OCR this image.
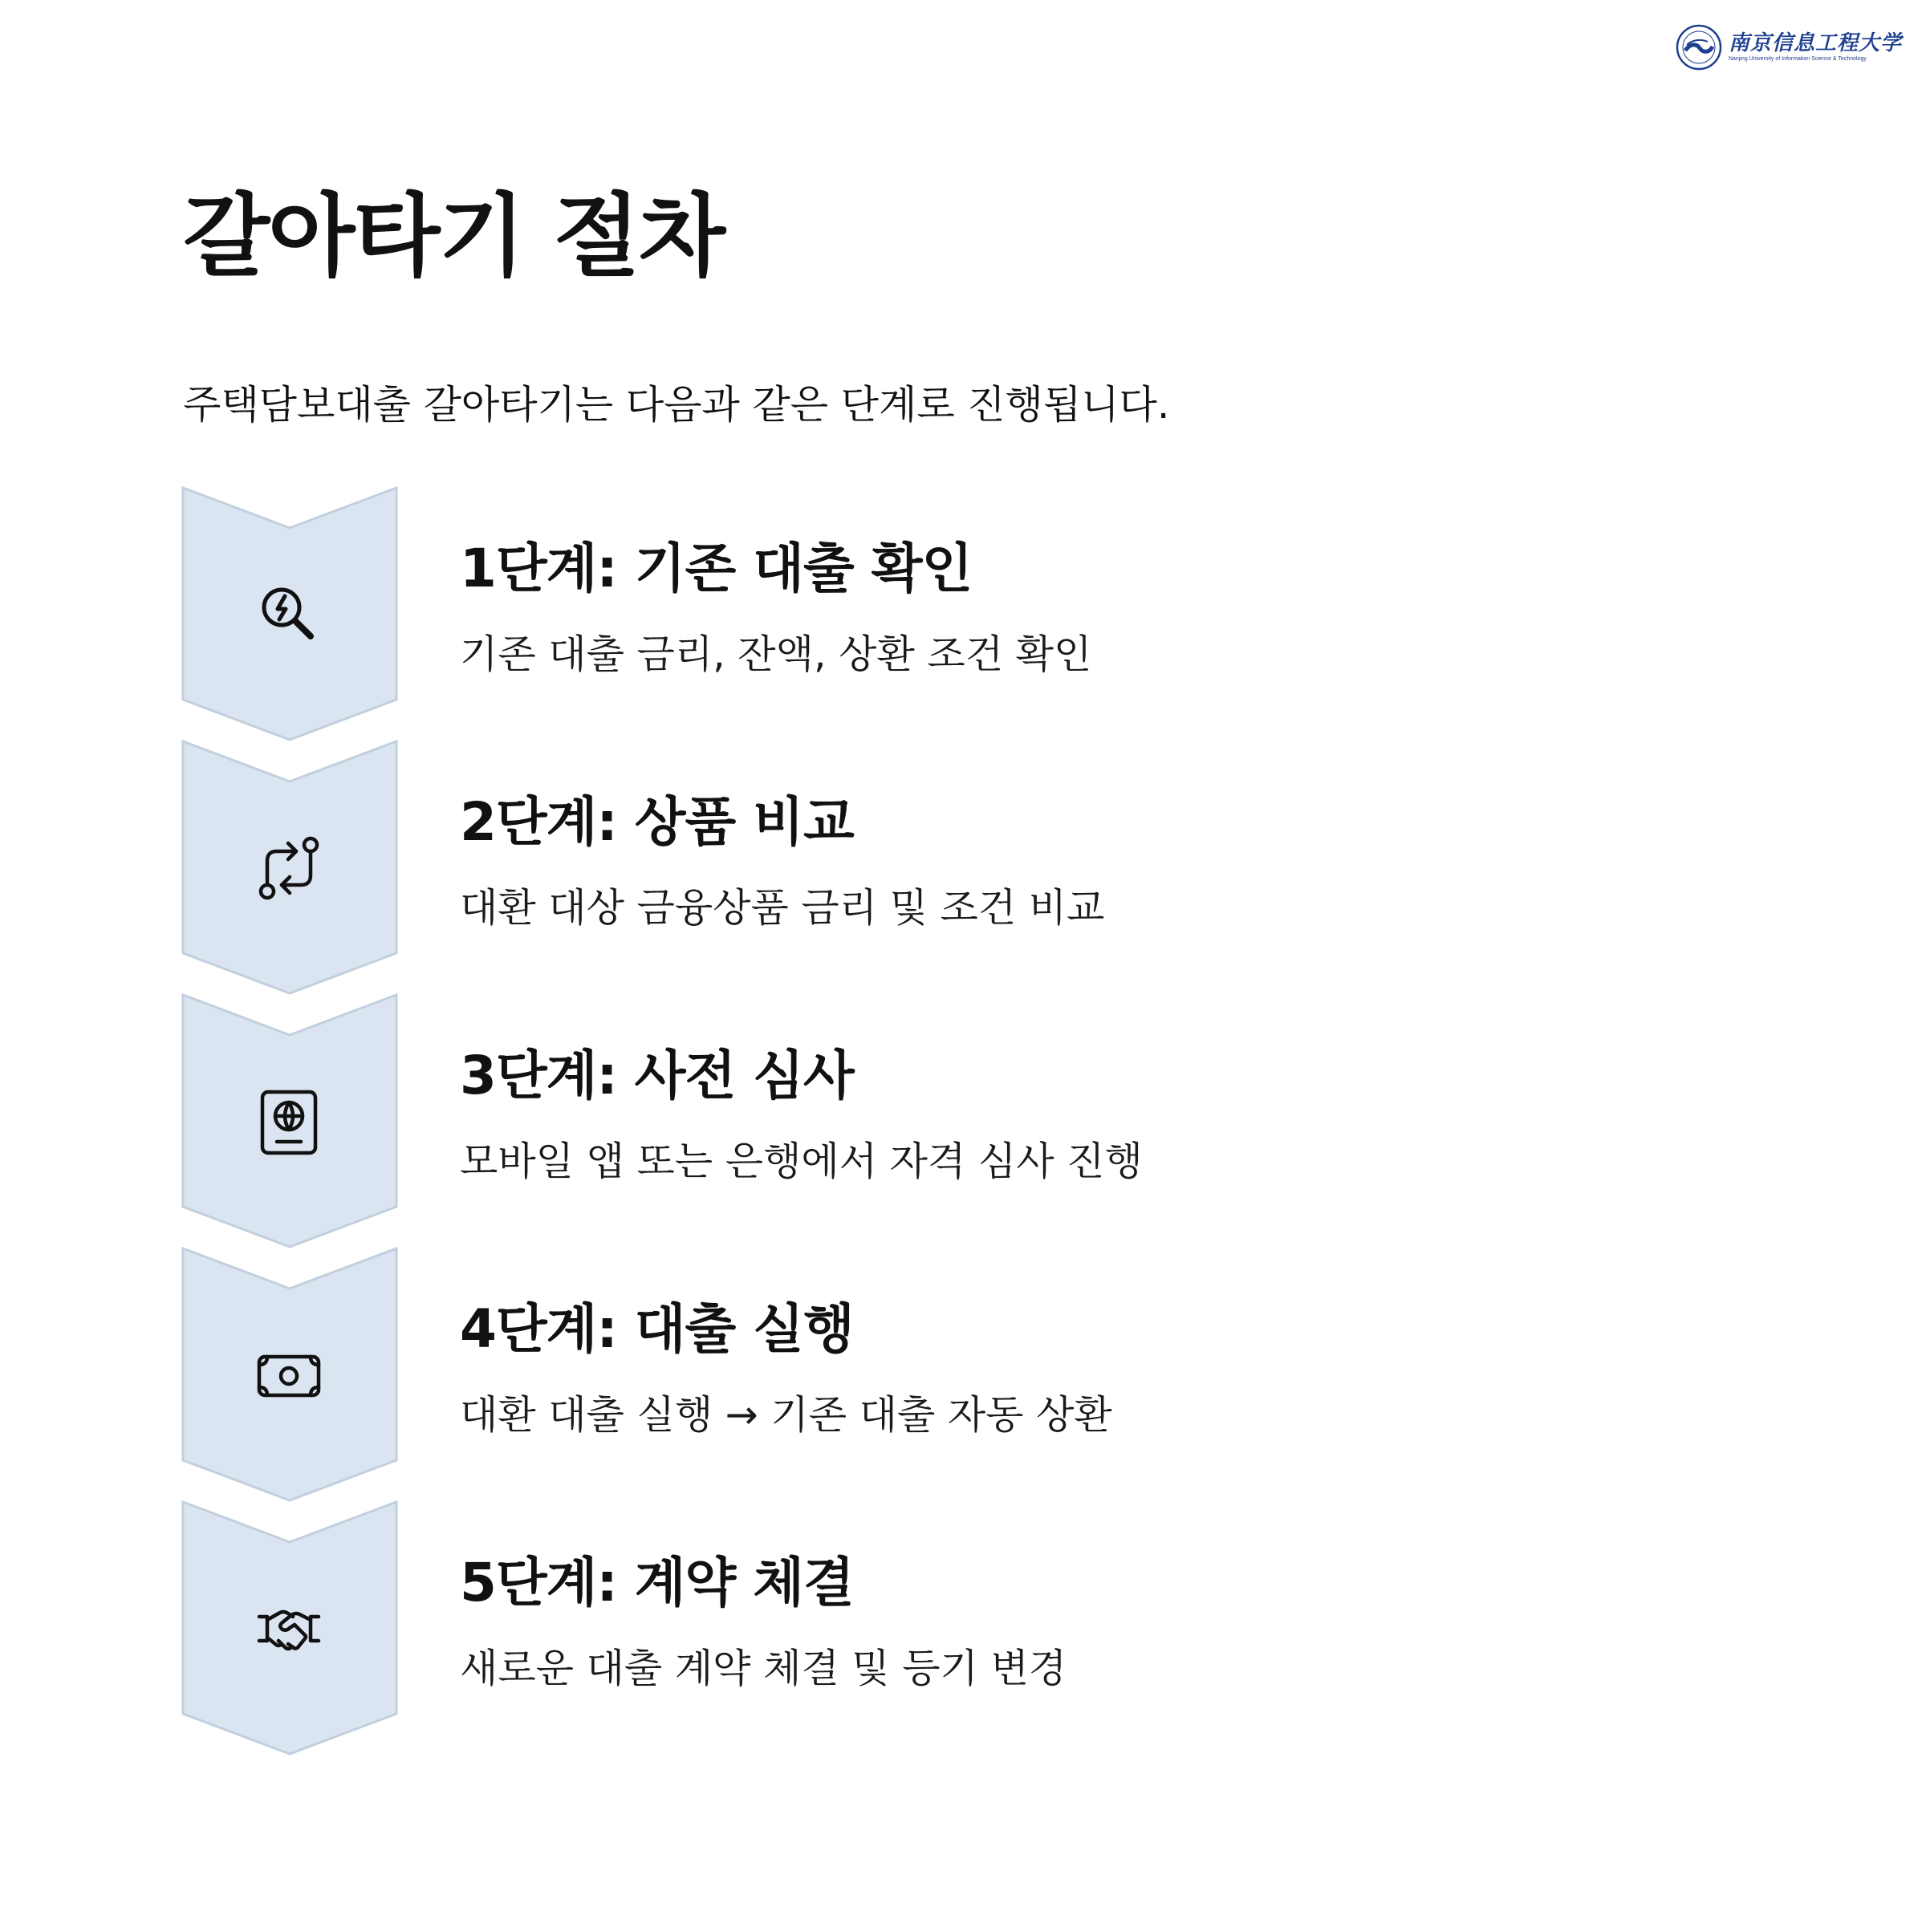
南京信息工程大学
Nanjing University of Information Science & Technology
갈아타기 절차

주택담보대출 갈아타기는 다음과 같은 단계로 진행됩니다.

1단계: 기존 대출 확인

기존 대출 금리, 잔액, 상환 조건 확인

2단계: 상품 비교

대환 대상 금융상품 금리 및 조건 비교

3단계: 사전 심사

모바일 앱 또는 은행에서 자격 심사 진행

4단계: 대출 실행

대환 대출 실행 → 기존 대출 자동 상환

5단계: 계약 체결

새로운 대출 계약 체결 및 등기 변경
